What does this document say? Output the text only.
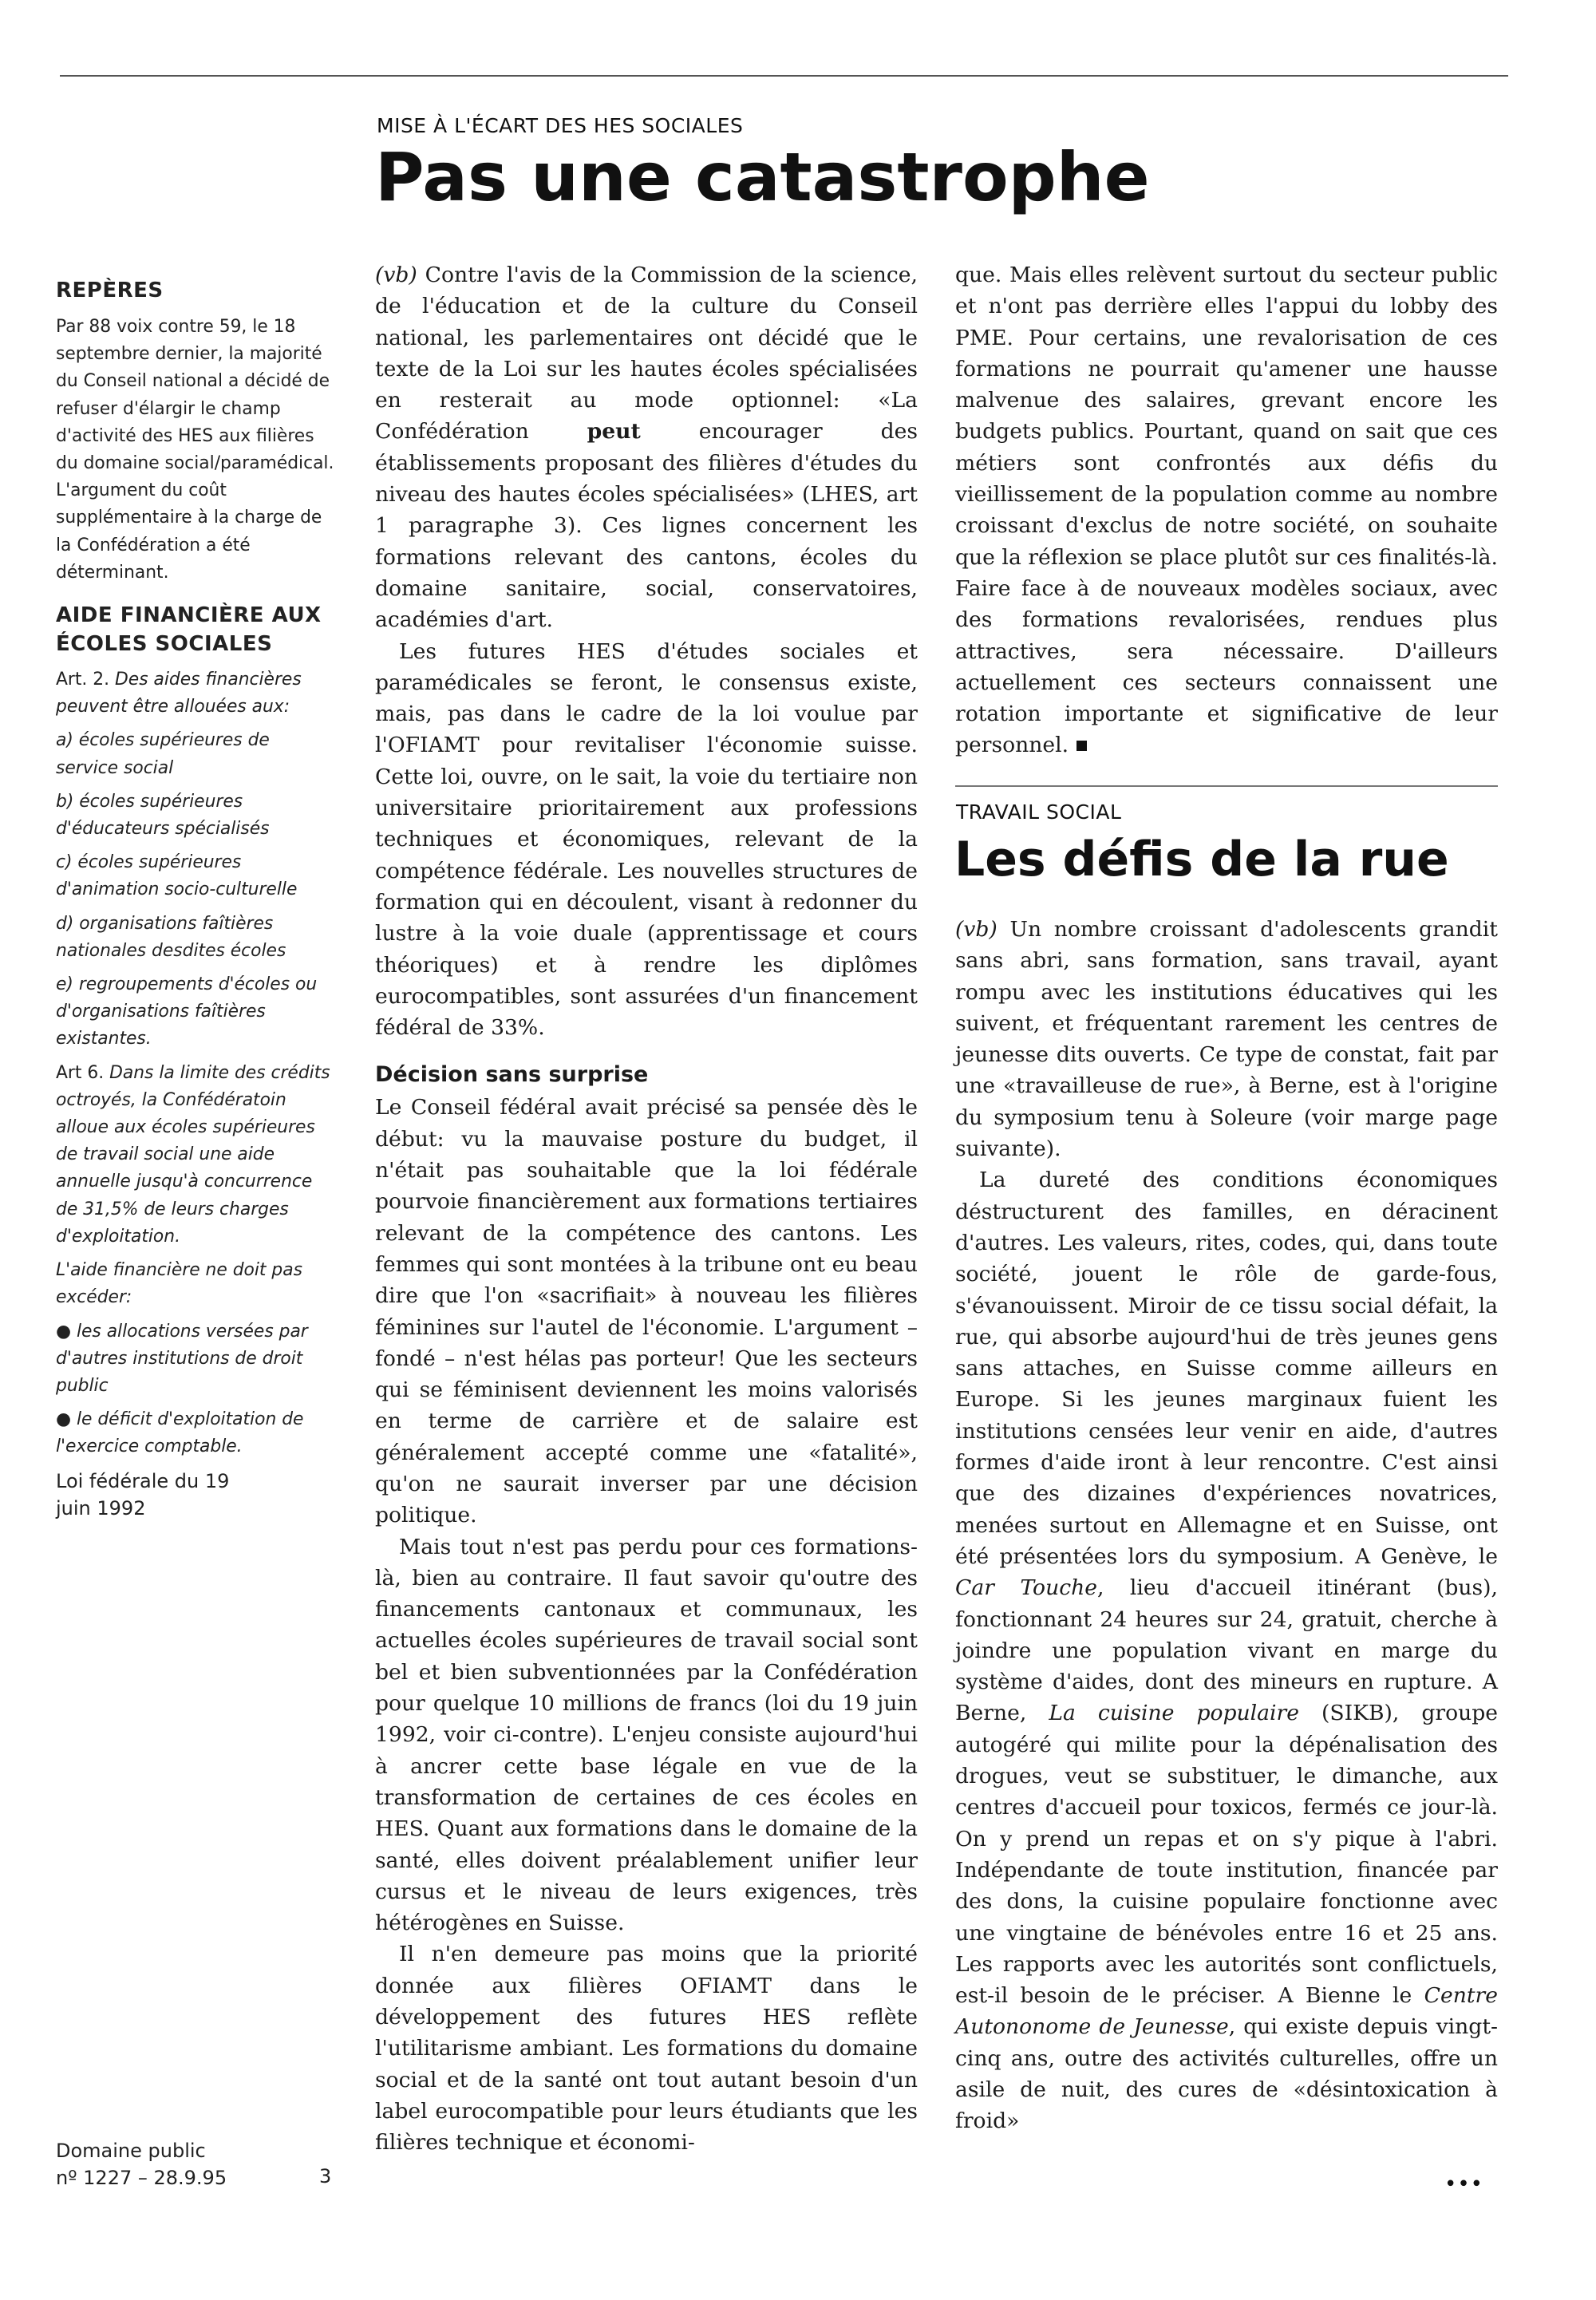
MISE À L'ÉCART DES HES SOCIALES
Pas une catastrophe
REPÈRES

Par 88 voix contre 59, le 18 septembre dernier, la majorité du Conseil national a décidé de refuser d'élargir le champ d'activité des HES aux filières du domaine social/paramédical. L'argument du coût supplémentaire à la charge de la Confédération a été déterminant.

AIDE FINANCIÈRE AUX ÉCOLES SOCIALES

Art. 2. Des aides financières peuvent être allouées aux:

a) écoles supérieures de service social

b) écoles supérieures d'éducateurs spécialisés

c) écoles supérieures d'animation socio-culturelle

d) organisations faîtières nationales desdites écoles

e) regroupements d'écoles ou d'organisations faîtières existantes.

Art 6. Dans la limite des crédits octroyés, la Confédératoin alloue aux écoles supérieures de travail social une aide annuelle jusqu'à concurrence de 31,5% de leurs charges d'exploitation.

L'aide financière ne doit pas excéder:

● les allocations versées par d'autres institutions de droit public

● le déficit d'exploitation de l'exercice comptable.

Loi fédérale du 19 juin 1992

(vb) Contre l'avis de la Commission de la science, de l'éducation et de la culture du Conseil national, les parlementaires ont décidé que le texte de la Loi sur les hautes écoles spécialisées en resterait au mode optionnel: «La Confédération peut encourager des établissements proposant des filières d'études du niveau des hautes écoles spécialisées» (LHES, art 1 paragraphe 3). Ces lignes concernent les formations relevant des cantons, écoles du domaine sanitaire, social, conservatoires, académies d'art.

Les futures HES d'études sociales et paramédicales se feront, le consensus existe, mais, pas dans le cadre de la loi voulue par l'OFIAMT pour revitaliser l'économie suisse. Cette loi, ouvre, on le sait, la voie du tertiaire non universitaire prioritairement aux professions techniques et économiques, relevant de la compétence fédérale. Les nouvelles structures de formation qui en découlent, visant à redonner du lustre à la voie duale (apprentissage et cours théoriques) et à rendre les diplômes eurocompatibles, sont assurées d'un financement fédéral de 33%.

Décision sans surprise

Le Conseil fédéral avait précisé sa pensée dès le début: vu la mauvaise posture du budget, il n'était pas souhaitable que la loi fédérale pourvoie financièrement aux formations tertiaires relevant de la compétence des cantons. Les femmes qui sont montées à la tribune ont eu beau dire que l'on «sacrifiait» à nouveau les filières féminines sur l'autel de l'économie. L'argument – fondé – n'est hélas pas porteur! Que les secteurs qui se féminisent deviennent les moins valorisés en terme de carrière et de salaire est généralement accepté comme une «fatalité», qu'on ne saurait inverser par une décision politique.

Mais tout n'est pas perdu pour ces formations-là, bien au contraire. Il faut savoir qu'outre des financements cantonaux et communaux, les actuelles écoles supérieures de travail social sont bel et bien subventionnées par la Confédération pour quelque 10 millions de francs (loi du 19 juin 1992, voir ci-contre). L'enjeu consiste aujourd'hui à ancrer cette base légale en vue de la transformation de certaines de ces écoles en HES. Quant aux formations dans le domaine de la santé, elles doivent préalablement unifier leur cursus et le niveau de leurs exigences, très hétérogènes en Suisse.

Il n'en demeure pas moins que la priorité donnée aux filières OFIAMT dans le développement des futures HES reflète l'utilitarisme ambiant. Les formations du domaine social et de la santé ont tout autant besoin d'un label eurocompatible pour leurs étudiants que les filières technique et économi-

que. Mais elles relèvent surtout du secteur public et n'ont pas derrière elles l'appui du lobby des PME. Pour certains, une revalorisation de ces formations ne pourrait qu'amener une hausse malvenue des salaires, grevant encore les budgets publics. Pourtant, quand on sait que ces métiers sont confrontés aux défis du vieillissement de la population comme au nombre croissant d'exclus de notre société, on souhaite que la réflexion se place plutôt sur ces finalités-là. Faire face à de nouveaux modèles sociaux, avec des formations revalorisées, rendues plus attractives, sera nécessaire. D'ailleurs actuellement ces secteurs connaissent une rotation importante et significative de leur personnel.

TRAVAIL SOCIAL
Les défis de la rue

(vb) Un nombre croissant d'adolescents grandit sans abri, sans formation, sans travail, ayant rompu avec les institutions éducatives qui les suivent, et fréquentant rarement les centres de jeunesse dits ouverts. Ce type de constat, fait par une «travailleuse de rue», à Berne, est à l'origine du symposium tenu à Soleure (voir marge page suivante).

La dureté des conditions économiques déstructurent des familles, en déracinent d'autres. Les valeurs, rites, codes, qui, dans toute société, jouent le rôle de garde-fous, s'évanouissent. Miroir de ce tissu social défait, la rue, qui absorbe aujourd'hui de très jeunes gens sans attaches, en Suisse comme ailleurs en Europe. Si les jeunes marginaux fuient les institutions censées leur venir en aide, d'autres formes d'aide iront à leur rencontre. C'est ainsi que des dizaines d'expériences novatrices, menées surtout en Allemagne et en Suisse, ont été présentées lors du symposium. A Genève, le Car Touche, lieu d'accueil itinérant (bus), fonctionnant 24 heures sur 24, gratuit, cherche à joindre une population vivant en marge du système d'aides, dont des mineurs en rupture. A Berne, La cuisine populaire (SIKB), groupe autogéré qui milite pour la dépénalisation des drogues, veut se substituer, le dimanche, aux centres d'accueil pour toxicos, fermés ce jour-là. On y prend un repas et on s'y pique à l'abri. Indépendante de toute institution, financée par des dons, la cuisine populaire fonctionne avec une vingtaine de bénévoles entre 16 et 25 ans. Les rapports avec les autorités sont conflictuels, est-il besoin de le préciser. A Bienne le Centre Autononome de Jeunesse, qui existe depuis vingt-cinq ans, outre des activités culturelles, offre un asile de nuit, des cures de «désintoxication à froid»

•••
Domaine public
nº 1227 – 28.9.95	3
